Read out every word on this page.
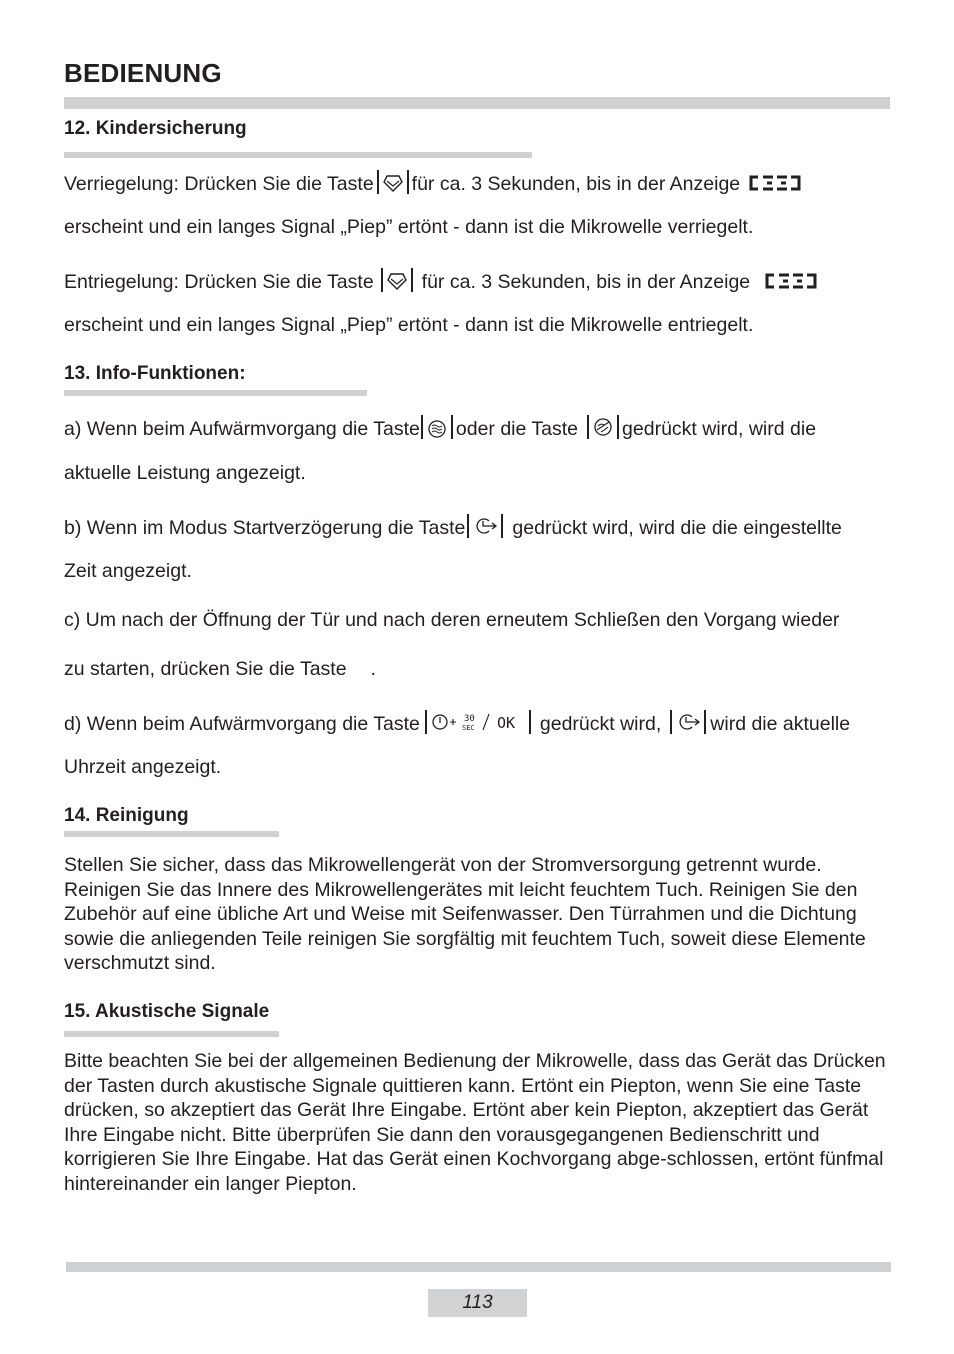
BEDIENUNG
12. Kindersicherung
Verriegelung: Drücken Sie die Taste für ca. 3 Sekunden, bis in der Anzeige
erscheint und ein langes Signal „Piep” ertönt - dann ist die Mikrowelle verriegelt.
Entriegelung: Drücken Sie die Taste für ca. 3 Sekunden, bis in der Anzeige
erscheint und ein langes Signal „Piep” ertönt - dann ist die Mikrowelle entriegelt.
13. Info-Funktionen:
a) Wenn beim Aufwärmvorgang die Taste oder die Taste gedrückt wird, wird die
aktuelle Leistung angezeigt.
b) Wenn im Modus Startverzögerung die Taste gedrückt wird, wird die die eingestellte
Zeit angezeigt.
c) Um nach der Öffnung der Tür und nach deren erneutem Schließen den Vorgang wieder
zu starten, drücken Sie die Taste .
d) Wenn beim Aufwärmvorgang die Taste	30
SEC OK gedrückt wird,	wird die aktuelle
Uhrzeit angezeigt.
14. Reinigung

Stellen Sie sicher, dass das Mikrowellengerät von der Stromversorgung getrennt wurde. Reinigen Sie das Innere des Mikrowellengerätes mit leicht feuchtem Tuch. Reinigen Sie den Zubehör auf eine übliche Art und Weise mit Seifenwasser. Den Türrahmen und die Dichtung sowie die anliegenden Teile reinigen Sie sorgfältig mit feuchtem Tuch, soweit diese Elemente verschmutzt sind.

15. Akustische Signale

Bitte beachten Sie bei der allgemeinen Bedienung der Mikrowelle, dass das Gerät das Drücken der Tasten durch akustische Signale quittieren kann. Ertönt ein Piepton, wenn Sie eine Taste drücken, so akzeptiert das Gerät Ihre Eingabe. Ertönt aber kein Piepton, akzeptiert das Gerät Ihre Eingabe nicht. Bitte überprüfen Sie dann den vorausgegangenen Bedienschritt und korrigieren Sie Ihre Eingabe. Hat das Gerät einen Kochvorgang abge-schlossen, ertönt fünfmal hintereinander ein langer Piepton.

113
